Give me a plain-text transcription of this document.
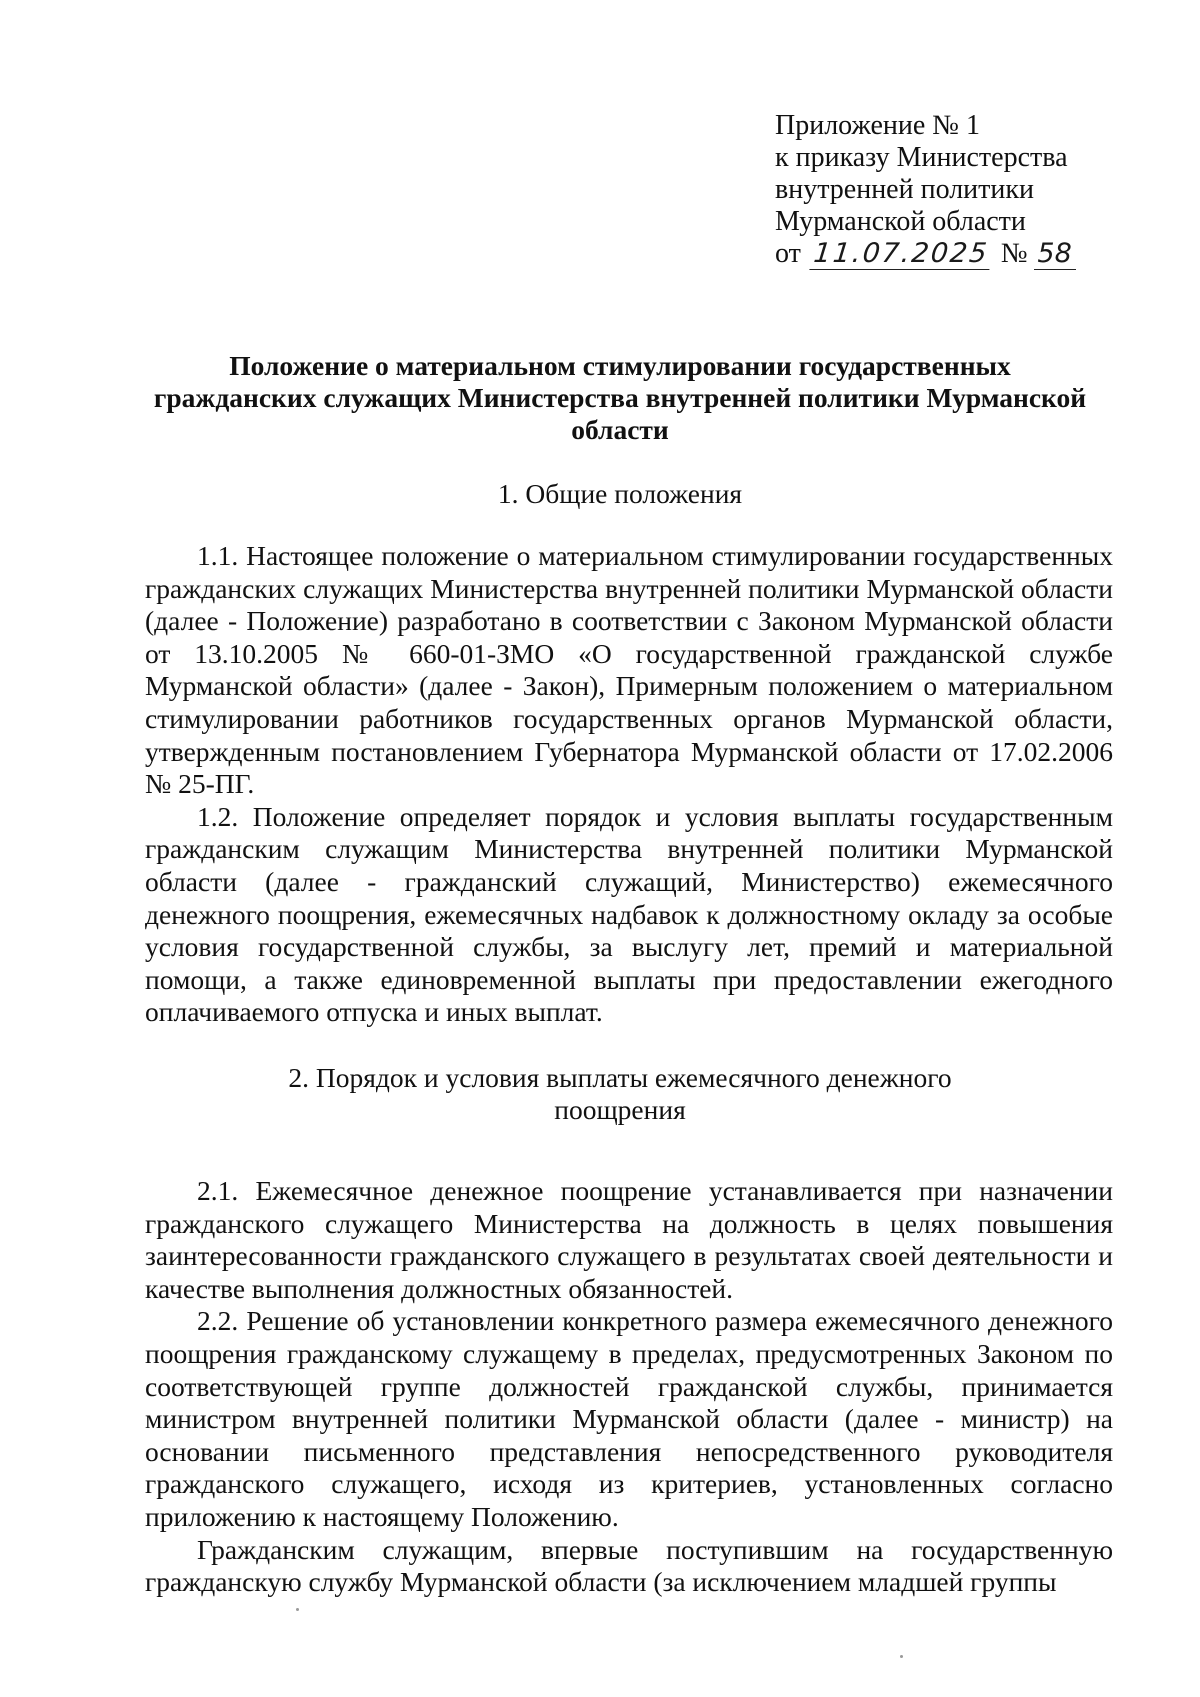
Приложение № 1
к приказу Министерства
внутренней политики
Мурманской области
от 11.07.2025 № 58
Положение о материальном стимулировании государственных
гражданских служащих Министерства внутренней политики Мурманской
области
1. Общие положения

1.1. Настоящее положение о материальном стимулировании государственных гражданских служащих Министерства внутренней политики Мурманской области (далее - Положение) разработано в соответствии с Законом Мурманской области от 13.10.2005 № 660-01-ЗМО «О государственной гражданской службе Мурманской области» (далее - Закон), Примерным положением о материальном стимулировании работников государственных органов Мурманской области, утвержденным постановлением Губернатора Мурманской области от 17.02.2006 № 25-ПГ.

1.2. Положение определяет порядок и условия выплаты государственным гражданским служащим Министерства внутренней политики Мурманской области (далее - гражданский служащий, Министерство) ежемесячного денежного поощрения, ежемесячных надбавок к должностному окладу за особые условия государственной службы, за выслугу лет, премий и материальной помощи, а также единовременной выплаты при предоставлении ежегодного оплачиваемого отпуска и иных выплат.

2. Порядок и условия выплаты ежемесячного денежного
поощрения

2.1. Ежемесячное денежное поощрение устанавливается при назначении гражданского служащего Министерства на должность в целях повышения заинтересованности гражданского служащего в результатах своей деятельности и качестве выполнения должностных обязанностей.

2.2. Решение об установлении конкретного размера ежемесячного денежного поощрения гражданскому служащему в пределах, предусмотренных Законом по соответствующей группе должностей гражданской службы, принимается министром внутренней политики Мурманской области (далее - министр) на основании письменного представления непосредственного руководителя гражданского служащего, исходя из критериев, установленных согласно приложению к настоящему Положению.

Гражданским служащим, впервые поступившим на государственную гражданскую службу Мурманской области (за исключением младшей группы
